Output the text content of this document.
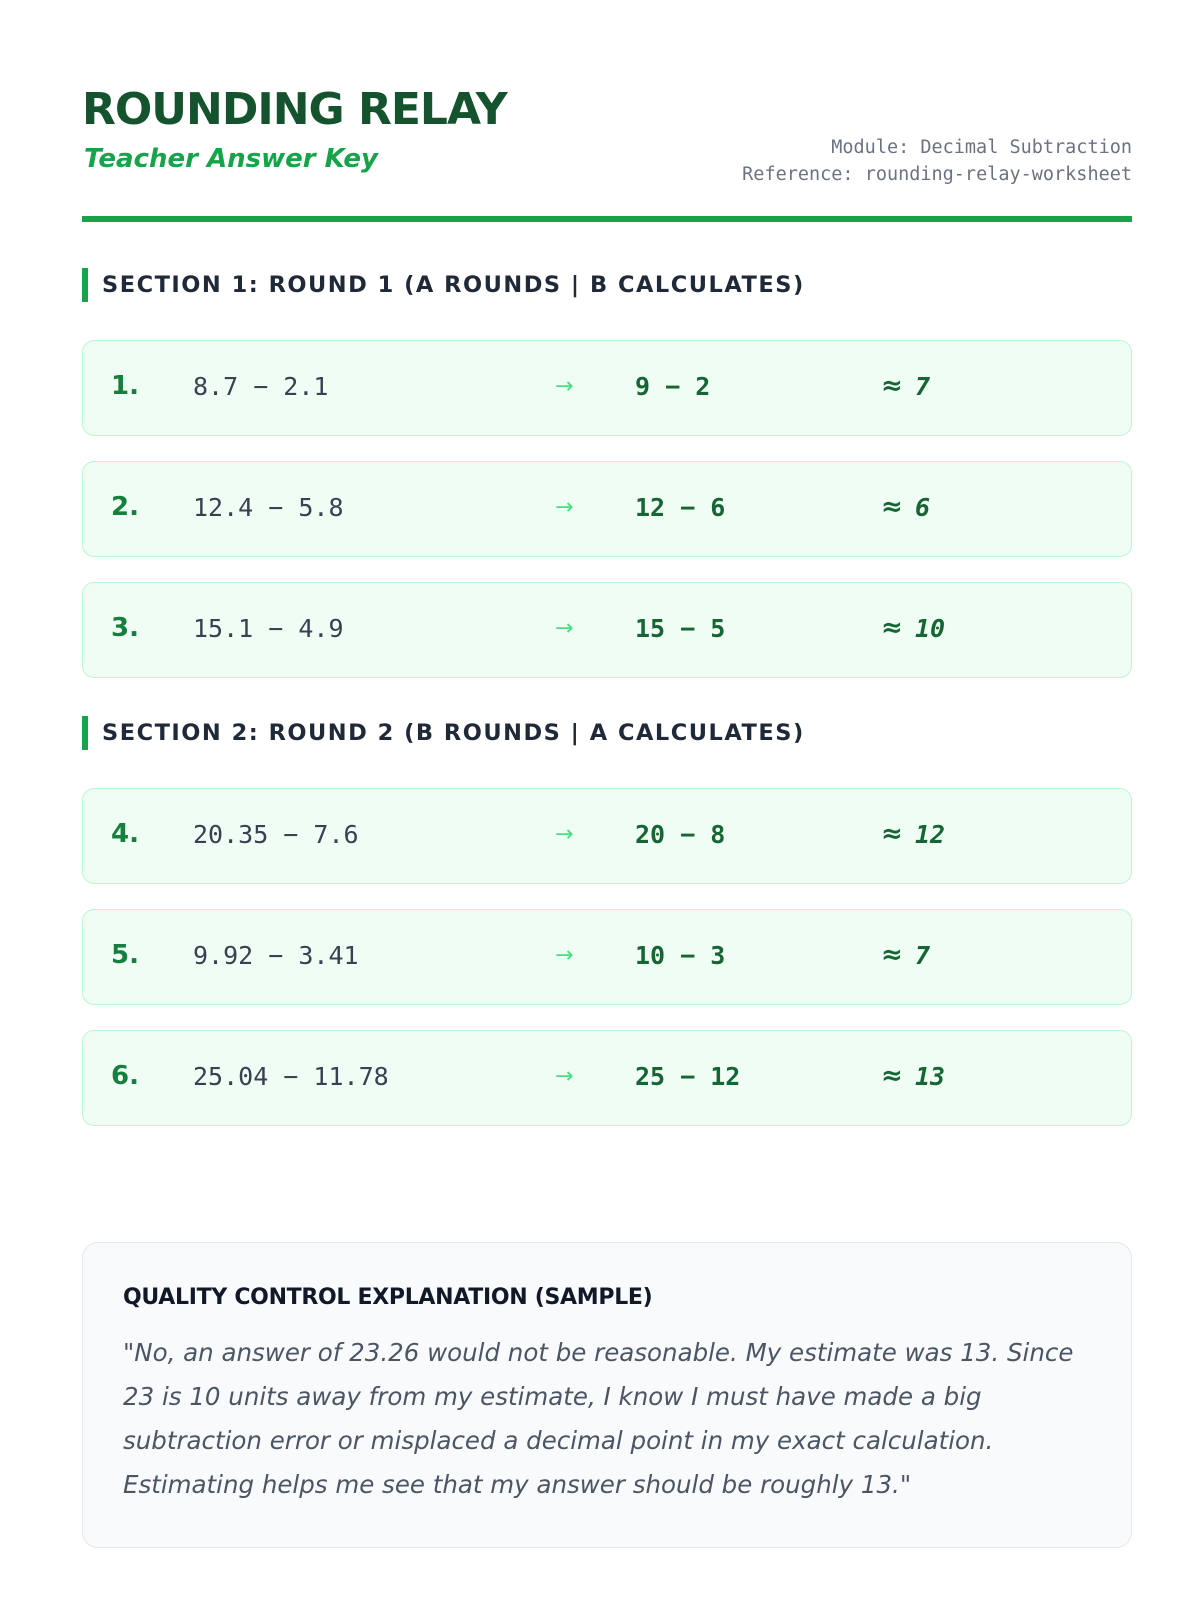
ROUNDING RELAY
Teacher Answer Key	Module: Decimal Subtraction
Reference: rounding-relay-worksheet
SECTION 1: ROUND 1 (A ROUNDS | B CALCULATES)
1. 8.7 − 2.1	→ 9 − 2	≈ 7
2. 12.4 − 5.8	→ 12 − 6	≈ 6
3. 15.1 − 4.9	→ 15 − 5	≈ 10
SECTION 2: ROUND 2 (B ROUNDS | A CALCULATES)
4. 20.35 − 7.6	→ 20 − 8	≈ 12
5. 9.92 − 3.41	→ 10 − 3	≈ 7
6. 25.04 − 11.78	→ 25 − 12	≈ 13
QUALITY CONTROL EXPLANATION (SAMPLE)

"No, an answer of 23.26 would not be reasonable. My estimate was 13. Since 23 is 10 units away from my estimate, I know I must have made a big subtraction error or misplaced a decimal point in my exact calculation. Estimating helps me see that my answer should be roughly 13."
